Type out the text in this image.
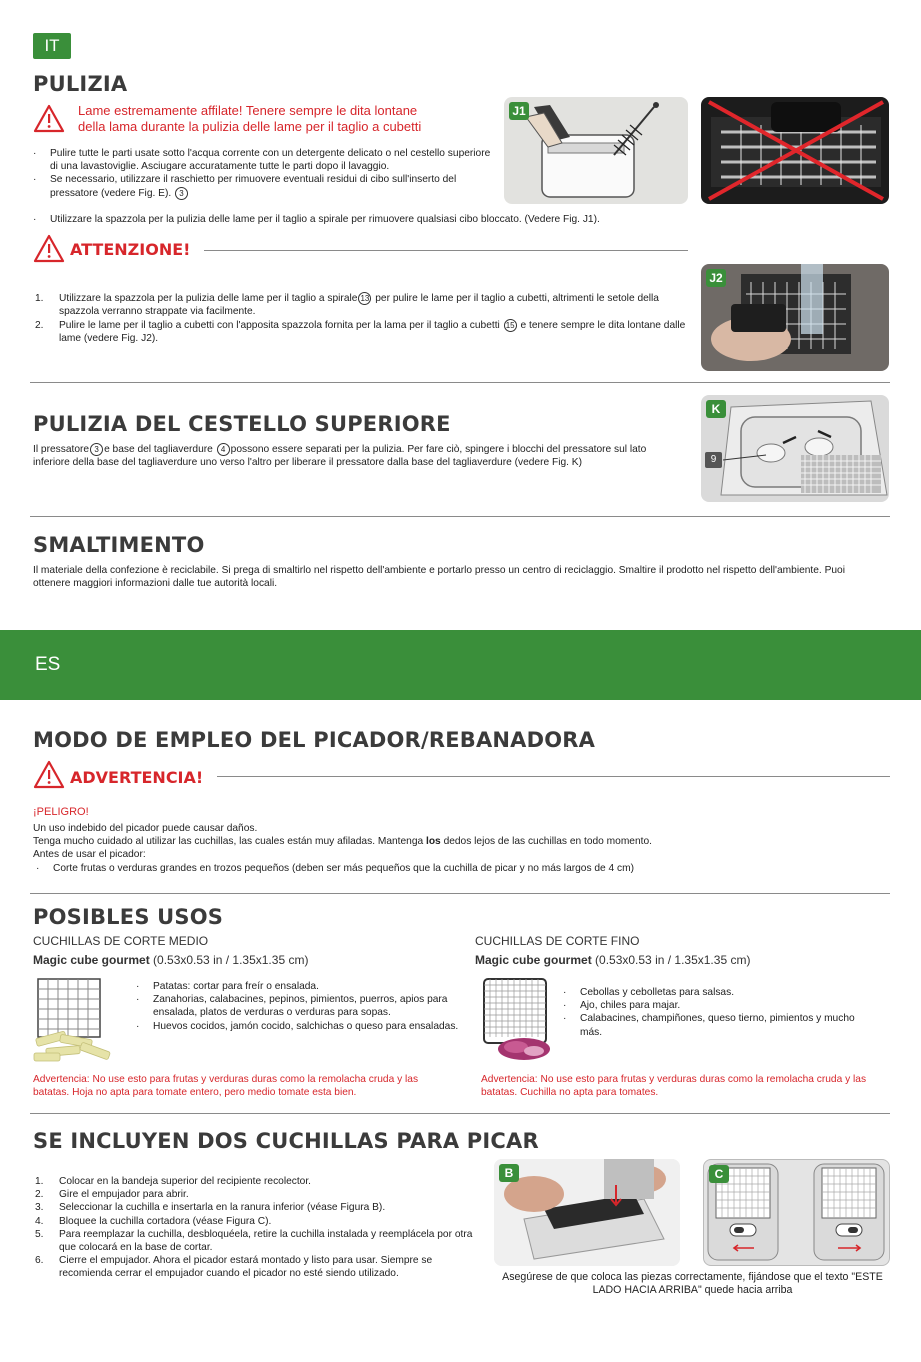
IT
PULIZIA
Lame estremamente affilate! Tenere sempre le dita lontane
della lama durante la pulizia delle lame per il taglio a cubetti
· Pulire tutte le parti usate sotto l'acqua corrente con un detergente delicato o nel cestello superiore di una lavastoviglie. Asciugare accuratamente tutte le parti dopo il lavaggio.
· Se necessario, utilizzare il raschietto per rimuovere eventuali residui di cibo sull'inserto del pressatore (vedere Fig. E). 3
· Utilizzare la spazzola per la pulizia delle lame per il taglio a spirale per rimuovere qualsiasi cibo bloccato. (Vedere Fig. J1).
J1
ATTENZIONE!
1. Utilizzare la spazzola per la pulizia delle lame per il taglio a spirale 13 per pulire le lame per il taglio a cubetti, altrimenti le setole della spazzola verranno strappate via facilmente.
2. Pulire le lame per il taglio a cubetti con l'apposita spazzola fornita per la lama per il taglio a cubetti 15 e tenere sempre le dita lontane dalle lame (vedere Fig. J2).
J2
PULIZIA DEL CESTELLO SUPERIORE
Il pressatore 3 e base del tagliaverdure 4 possono essere separati per la pulizia. Per fare ciò, spingere i blocchi del pressatore sul lato inferiore della base del tagliaverdure uno verso l'altro per liberare il pressatore dalla base del tagliaverdure (vedere Fig. K)
K
9
SMALTIMENTO
Il materiale della confezione è reciclabile. Si prega di smaltirlo nel rispetto dell'ambiente e portarlo presso un centro di reciclaggio. Smaltire il prodotto nel rispetto dell'ambiente. Puoi ottenere maggiori informazioni dalle tue autorità locali.
ES
MODO DE EMPLEO DEL PICADOR/REBANADORA
ADVERTENCIA!
¡PELIGRO!
Un uso indebido del picador puede causar daños.
Tenga mucho cuidado al utilizar las cuchillas, las cuales están muy afiladas. Mantenga los dedos lejos de las cuchillas en todo momento.
Antes de usar el picador:
· Corte frutas o verduras grandes en trozos pequeños (deben ser más pequeños que la cuchilla de picar y no más largos de 4 cm)
POSIBLES USOS
CUCHILLAS DE CORTE MEDIO
Magic cube gourmet (0.53x0.53 in / 1.35x1.35 cm)
· Patatas: cortar para freír o ensalada.
· Zanahorias, calabacines, pepinos, pimientos, puerros, apios para ensalada, platos de verduras o verduras para sopas.
· Huevos cocidos, jamón cocido, salchichas o queso para ensaladas.
Advertencia: No use esto para frutas y verduras duras como la remolacha cruda y las batatas. Hoja no apta para tomate entero, pero medio tomate esta bien.
CUCHILLAS DE CORTE FINO
Magic cube gourmet (0.53x0.53 in / 1.35x1.35 cm)
· Cebollas y cebolletas para salsas.
· Ajo, chiles para majar.
· Calabacines, champiñones, queso tierno, pimientos y mucho más.
Advertencia: No use esto para frutas y verduras duras como la remolacha cruda y las batatas. Cuchilla no apta para tomates.
SE INCLUYEN DOS CUCHILLAS PARA PICAR
1. Colocar en la bandeja superior del recipiente recolector.
2. Gire el empujador para abrir.
3. Seleccionar la cuchilla e insertarla en la ranura inferior (véase Figura B).
4. Bloquee la cuchilla cortadora (véase Figura C).
5. Para reemplazar la cuchilla, desbloquéela, retire la cuchilla instalada y reemplácela por otra que colocará en la base de cortar.
6. Cierre el empujador. Ahora el picador estará montado y listo para usar. Siempre se recomienda cerrar el empujador cuando el picador no esté siendo utilizado.
B	C
Asegúrese de que coloca las piezas correctamente, fijándose que el texto "ESTE LADO HACIA ARRIBA" quede hacia arriba
